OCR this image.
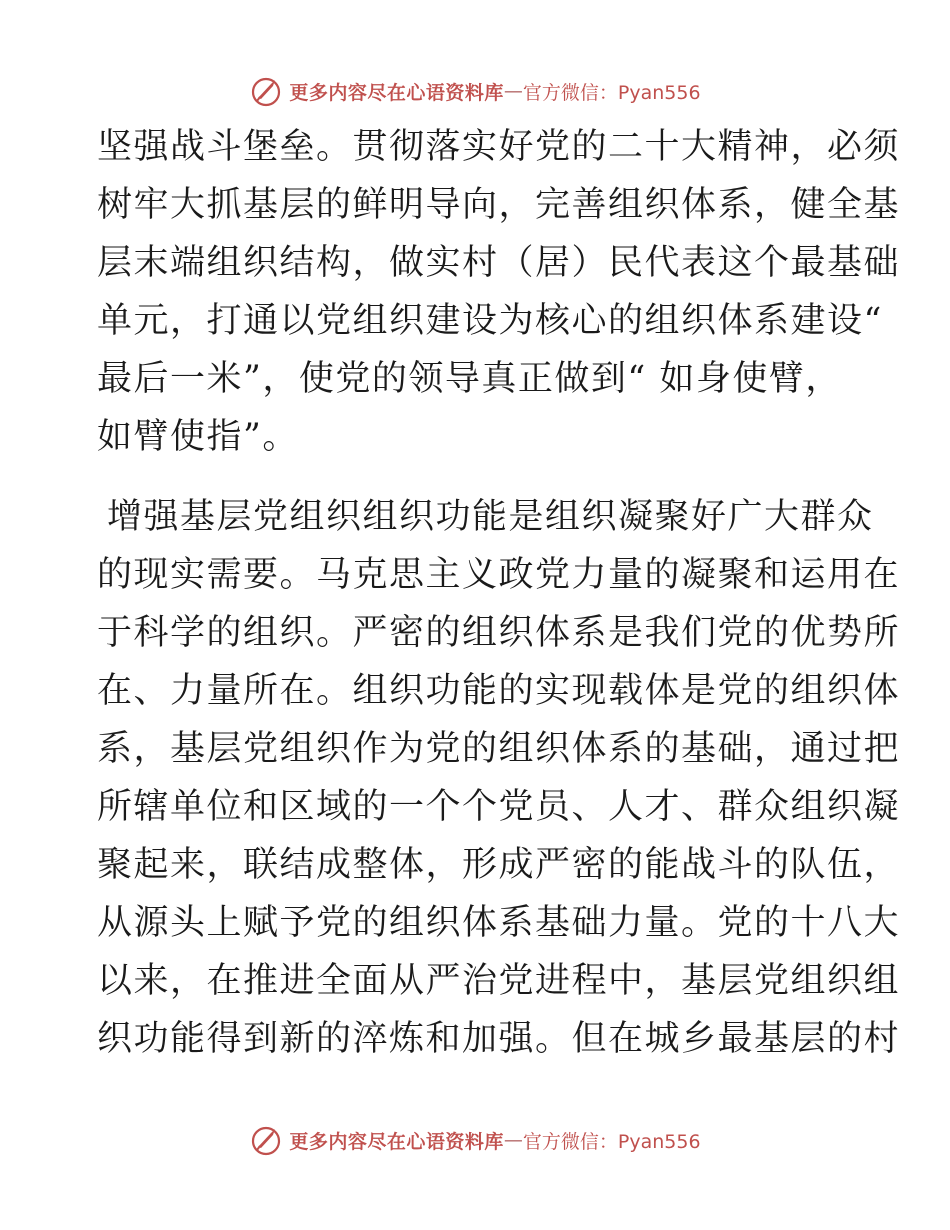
更多内容尽在心语资料库 — 官方微信：Pyan556
坚强战斗堡垒。贯彻落实好党的二十大精神，必须
树牢大抓基层的鲜明导向，完善组织体系，健全基
层末端组织结构，做实村（居）民代表这个最基础
单元，打通以党组织建设为核心的组织体系建设“
最后一米”，使党的领导真正做到“ 如身使臂，
如臂使指”。
增强基层党组织组织功能是组织凝聚好广大群众
的现实需要。马克思主义政党力量的凝聚和运用在
于科学的组织。严密的组织体系是我们党的优势所
在、力量所在。组织功能的实现载体是党的组织体
系，基层党组织作为党的组织体系的基础，通过把
所辖单位和区域的一个个党员、人才、群众组织凝
聚起来，联结成整体，形成严密的能战斗的队伍，
从源头上赋予党的组织体系基础力量。党的十八大
以来，在推进全面从严治党进程中，基层党组织组
织功能得到新的淬炼和加强。但在城乡最基层的村
更多内容尽在心语资料库 — 官方微信：Pyan556
